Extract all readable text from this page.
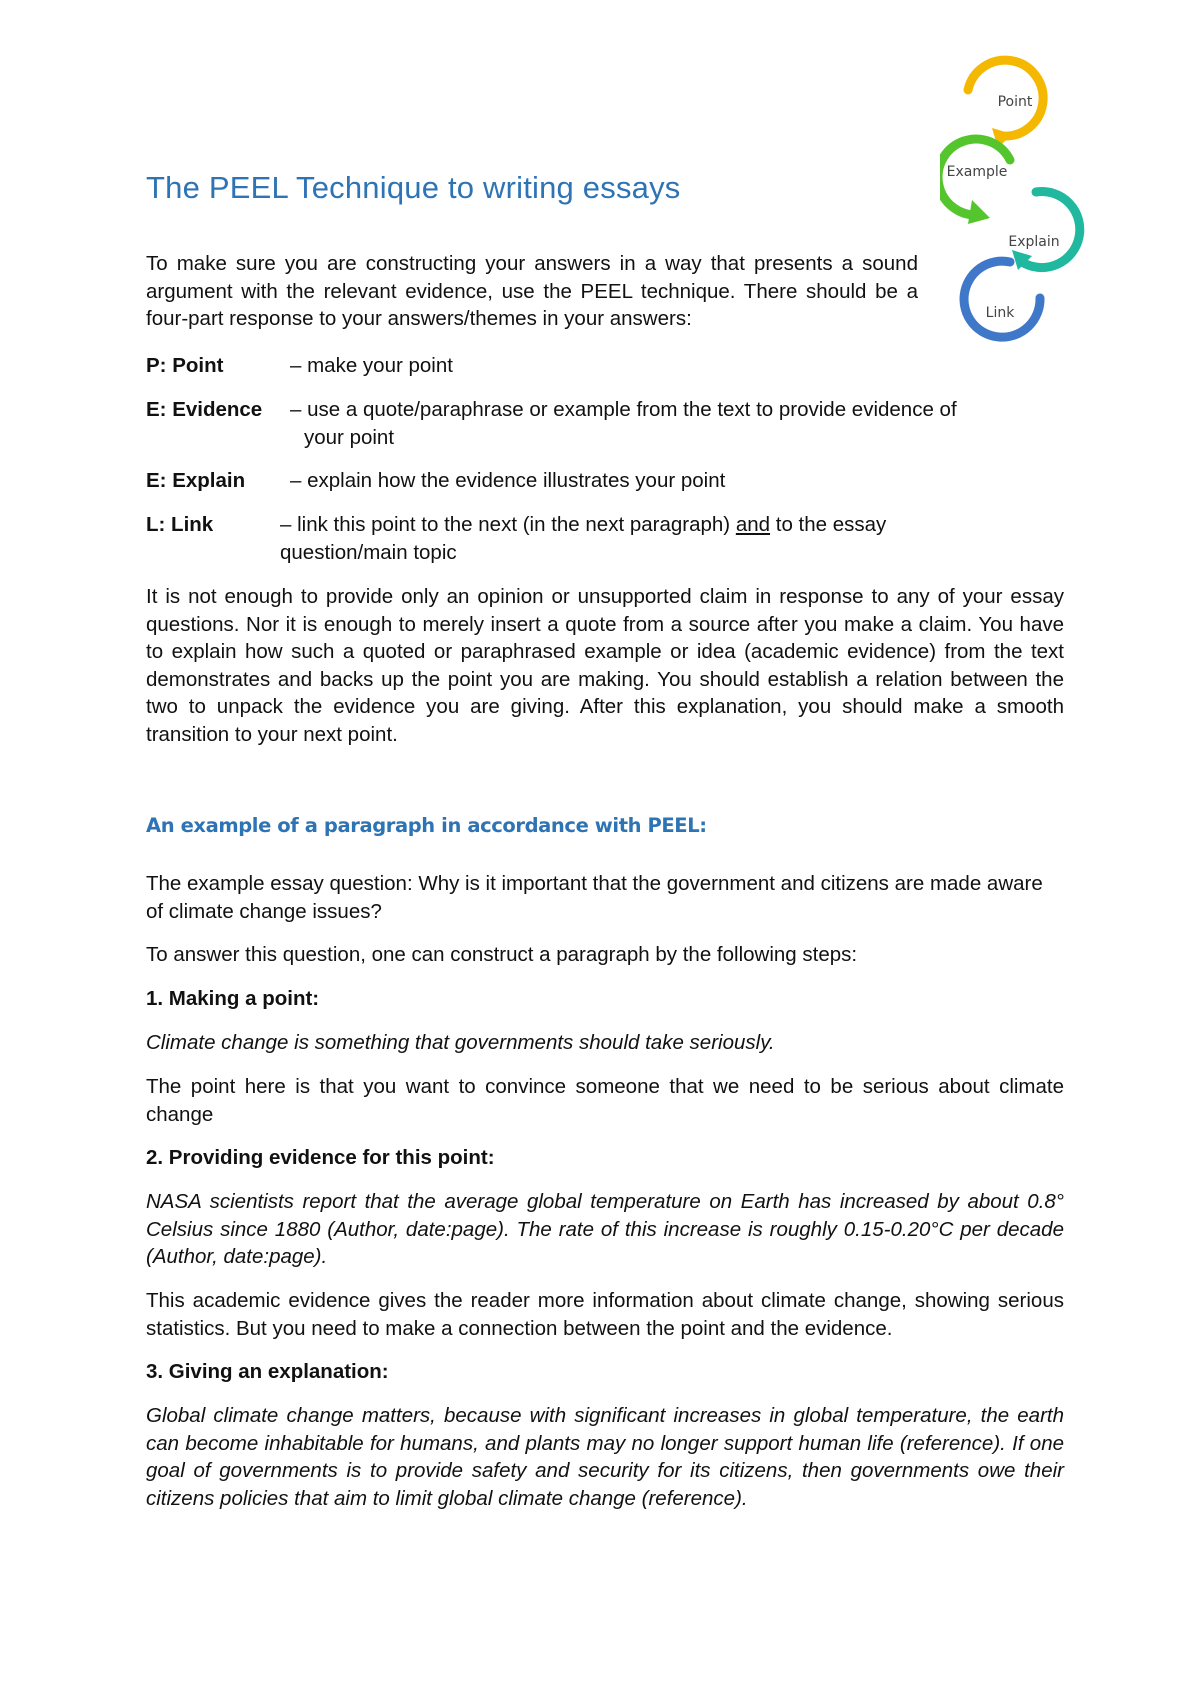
Point
Example
Explain
Link
The PEEL Technique to writing essays
To make sure you are constructing your answers in a way that presents a sound argument with the relevant evidence, use the PEEL technique. There should be a four-part response to your answers/themes in your answers:
P: Point	– make your point
E: Evidence – use a quote/paraphrase or example from the text to provide evidence of
your point
E: Explain – explain how the evidence illustrates your point
L: Link	– link this point to the next (in the next paragraph) and to the essay
question/main topic
It is not enough to provide only an opinion or unsupported claim in response to any of your essay questions. Nor it is enough to merely insert a quote from a source after you make a claim. You have to explain how such a quoted or paraphrased example or idea (academic evidence) from the text demonstrates and backs up the point you are making. You should establish a relation between the two to unpack the evidence you are giving. After this explanation, you should make a smooth transition to your next point.
An example of a paragraph in accordance with PEEL:
The example essay question: Why is it important that the government and citizens are made aware of climate change issues?
To answer this question, one can construct a paragraph by the following steps:
1. Making a point:
Climate change is something that governments should take seriously.
The point here is that you want to convince someone that we need to be serious about climate change
2. Providing evidence for this point:
NASA scientists report that the average global temperature on Earth has increased by about 0.8° Celsius since 1880 (Author, date:page). The rate of this increase is roughly 0.15-0.20°C per decade (Author, date:page).
This academic evidence gives the reader more information about climate change, showing serious statistics. But you need to make a connection between the point and the evidence.
3. Giving an explanation:
Global climate change matters, because with significant increases in global temperature, the earth can become inhabitable for humans, and plants may no longer support human life (reference). If one goal of governments is to provide safety and security for its citizens, then governments owe their citizens policies that aim to limit global climate change (reference).
